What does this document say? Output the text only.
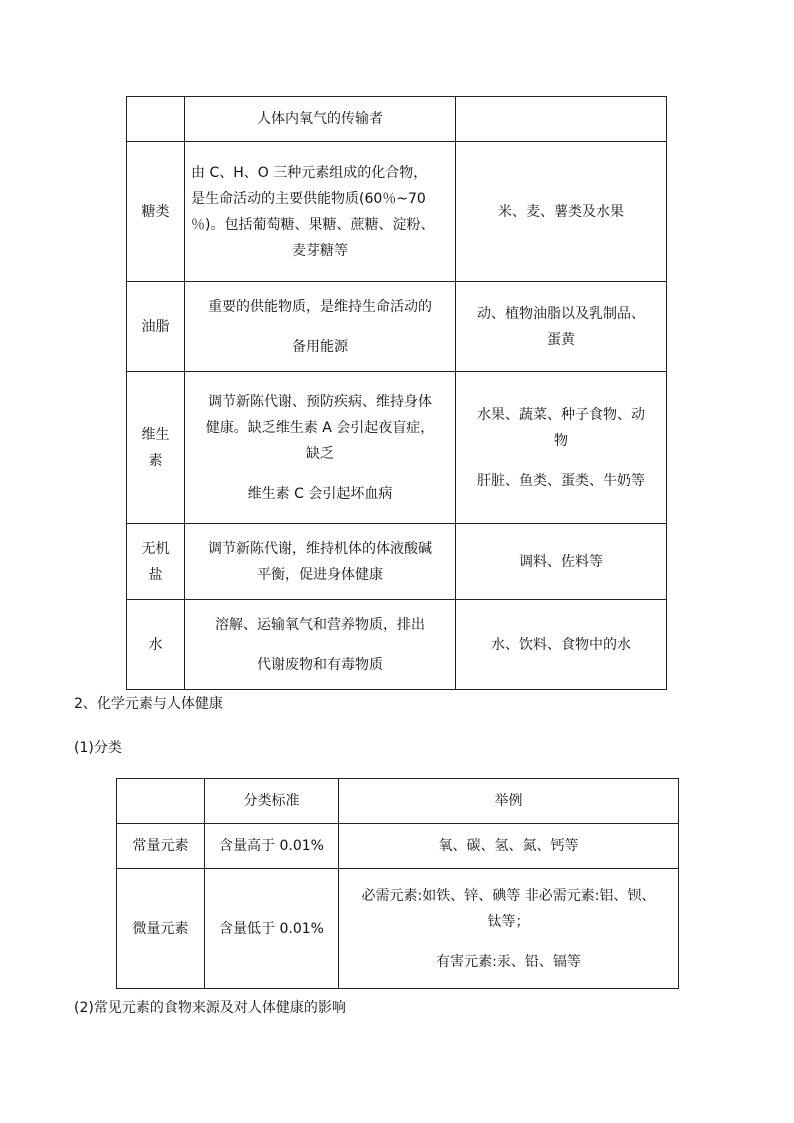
	人体内氧气的传输者	

糖类	由 C、H、O 三种元素组成的化合物，
是生命活动的主要供能物质(60％~70
％)。包括葡萄糖、果糖、蔗糖、淀粉、
麦芽糖等	米、麦、薯类及水果

油脂	重要的供能物质，是维持生命活动的
备用能源	动、植物油脂以及乳制品、
蛋黄

维生
素	调节新陈代谢、预防疾病、维持身体
健康。缺乏维生素 A 会引起夜盲症，
缺乏
维生素 C 会引起坏血病	水果、蔬菜、种子食物、动
物
肝脏、鱼类、蛋类、牛奶等

无机
盐	调节新陈代谢，维持机体的体液酸碱
平衡，促进身体健康	调料、佐料等

水	溶解、运输氧气和营养物质，排出
代谢废物和有毒物质	水、饮料、食物中的水
2、化学元素与人体健康
(1)分类
	分类标准	举例
常量元素	含量高于 0.01%	氧、碳、氢、氮、钙等

微量元素	含量低于 0.01%	必需元素:如铁、锌、碘等 非必需元素:铝、钡、
钛等；
有害元素:汞、铅、镉等
(2)常见元素的食物来源及对人体健康的影响
